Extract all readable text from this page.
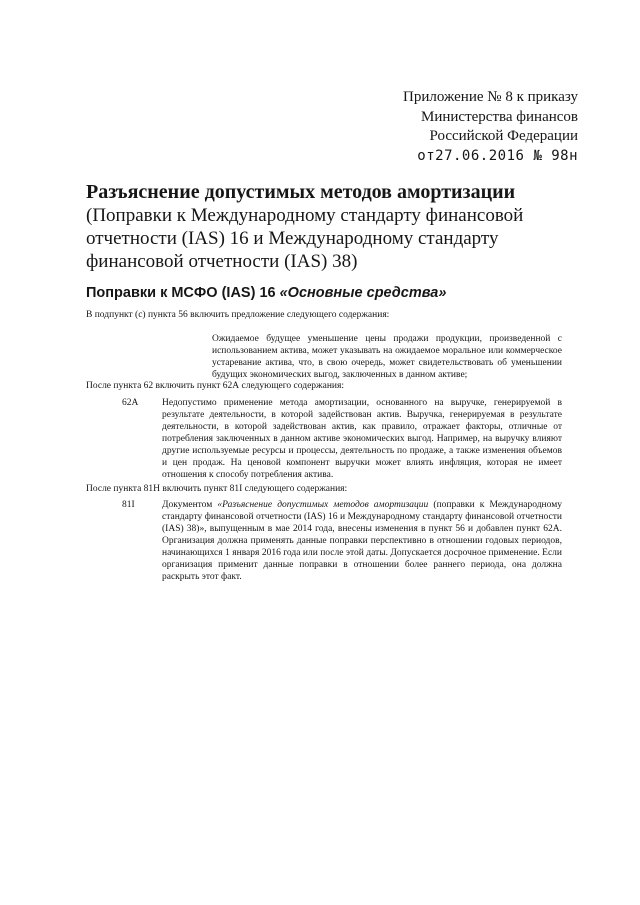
Приложение № 8 к приказу
Министерства финансов
Российской Федерации
от27.06.2016 № 98н
Разъяснение допустимых методов амортизации
(Поправки к Международному стандарту финансовой отчетности (IAS) 16 и Международному стандарту финансовой отчетности (IAS) 38)
Поправки к МСФО (IAS) 16 «Основные средства»
В подпункт (с) пункта 56 включить предложение следующего содержания:
Ожидаемое будущее уменьшение цены продажи продукции, произведенной с использованием актива, может указывать на ожидаемое моральное или коммерческое устаревание актива, что, в свою очередь, может свидетельствовать об уменьшении будущих экономических выгод, заключенных в данном активе;
После пункта 62 включить пункт 62А следующего содержания:
62А Недопустимо применение метода амортизации, основанного на выручке, генерируемой в результате деятельности, в которой задействован актив. Выручка, генерируемая в результате деятельности, в которой задействован актив, как правило, отражает факторы, отличные от потребления заключенных в данном активе экономических выгод. Например, на выручку влияют другие используемые ресурсы и процессы, деятельность по продаже, а также изменения объемов и цен продаж. На ценовой компонент выручки может влиять инфляция, которая не имеет отношения к способу потребления актива.
После пункта 81Н включить пункт 81I следующего содержания:
81I	Документом «Разъяснение допустимых методов амортизации (поправки к Международному стандарту финансовой отчетности (IAS) 16 и Международному стандарту финансовой отчетности (IAS) 38)», выпущенным в мае 2014 года, внесены изменения в пункт 56 и добавлен пункт 62А. Организация должна применять данные поправки перспективно в отношении годовых периодов, начинающихся 1 января 2016 года или после этой даты. Допускается досрочное применение. Если организация применит данные поправки в отношении более раннего периода, она должна раскрыть этот факт.
